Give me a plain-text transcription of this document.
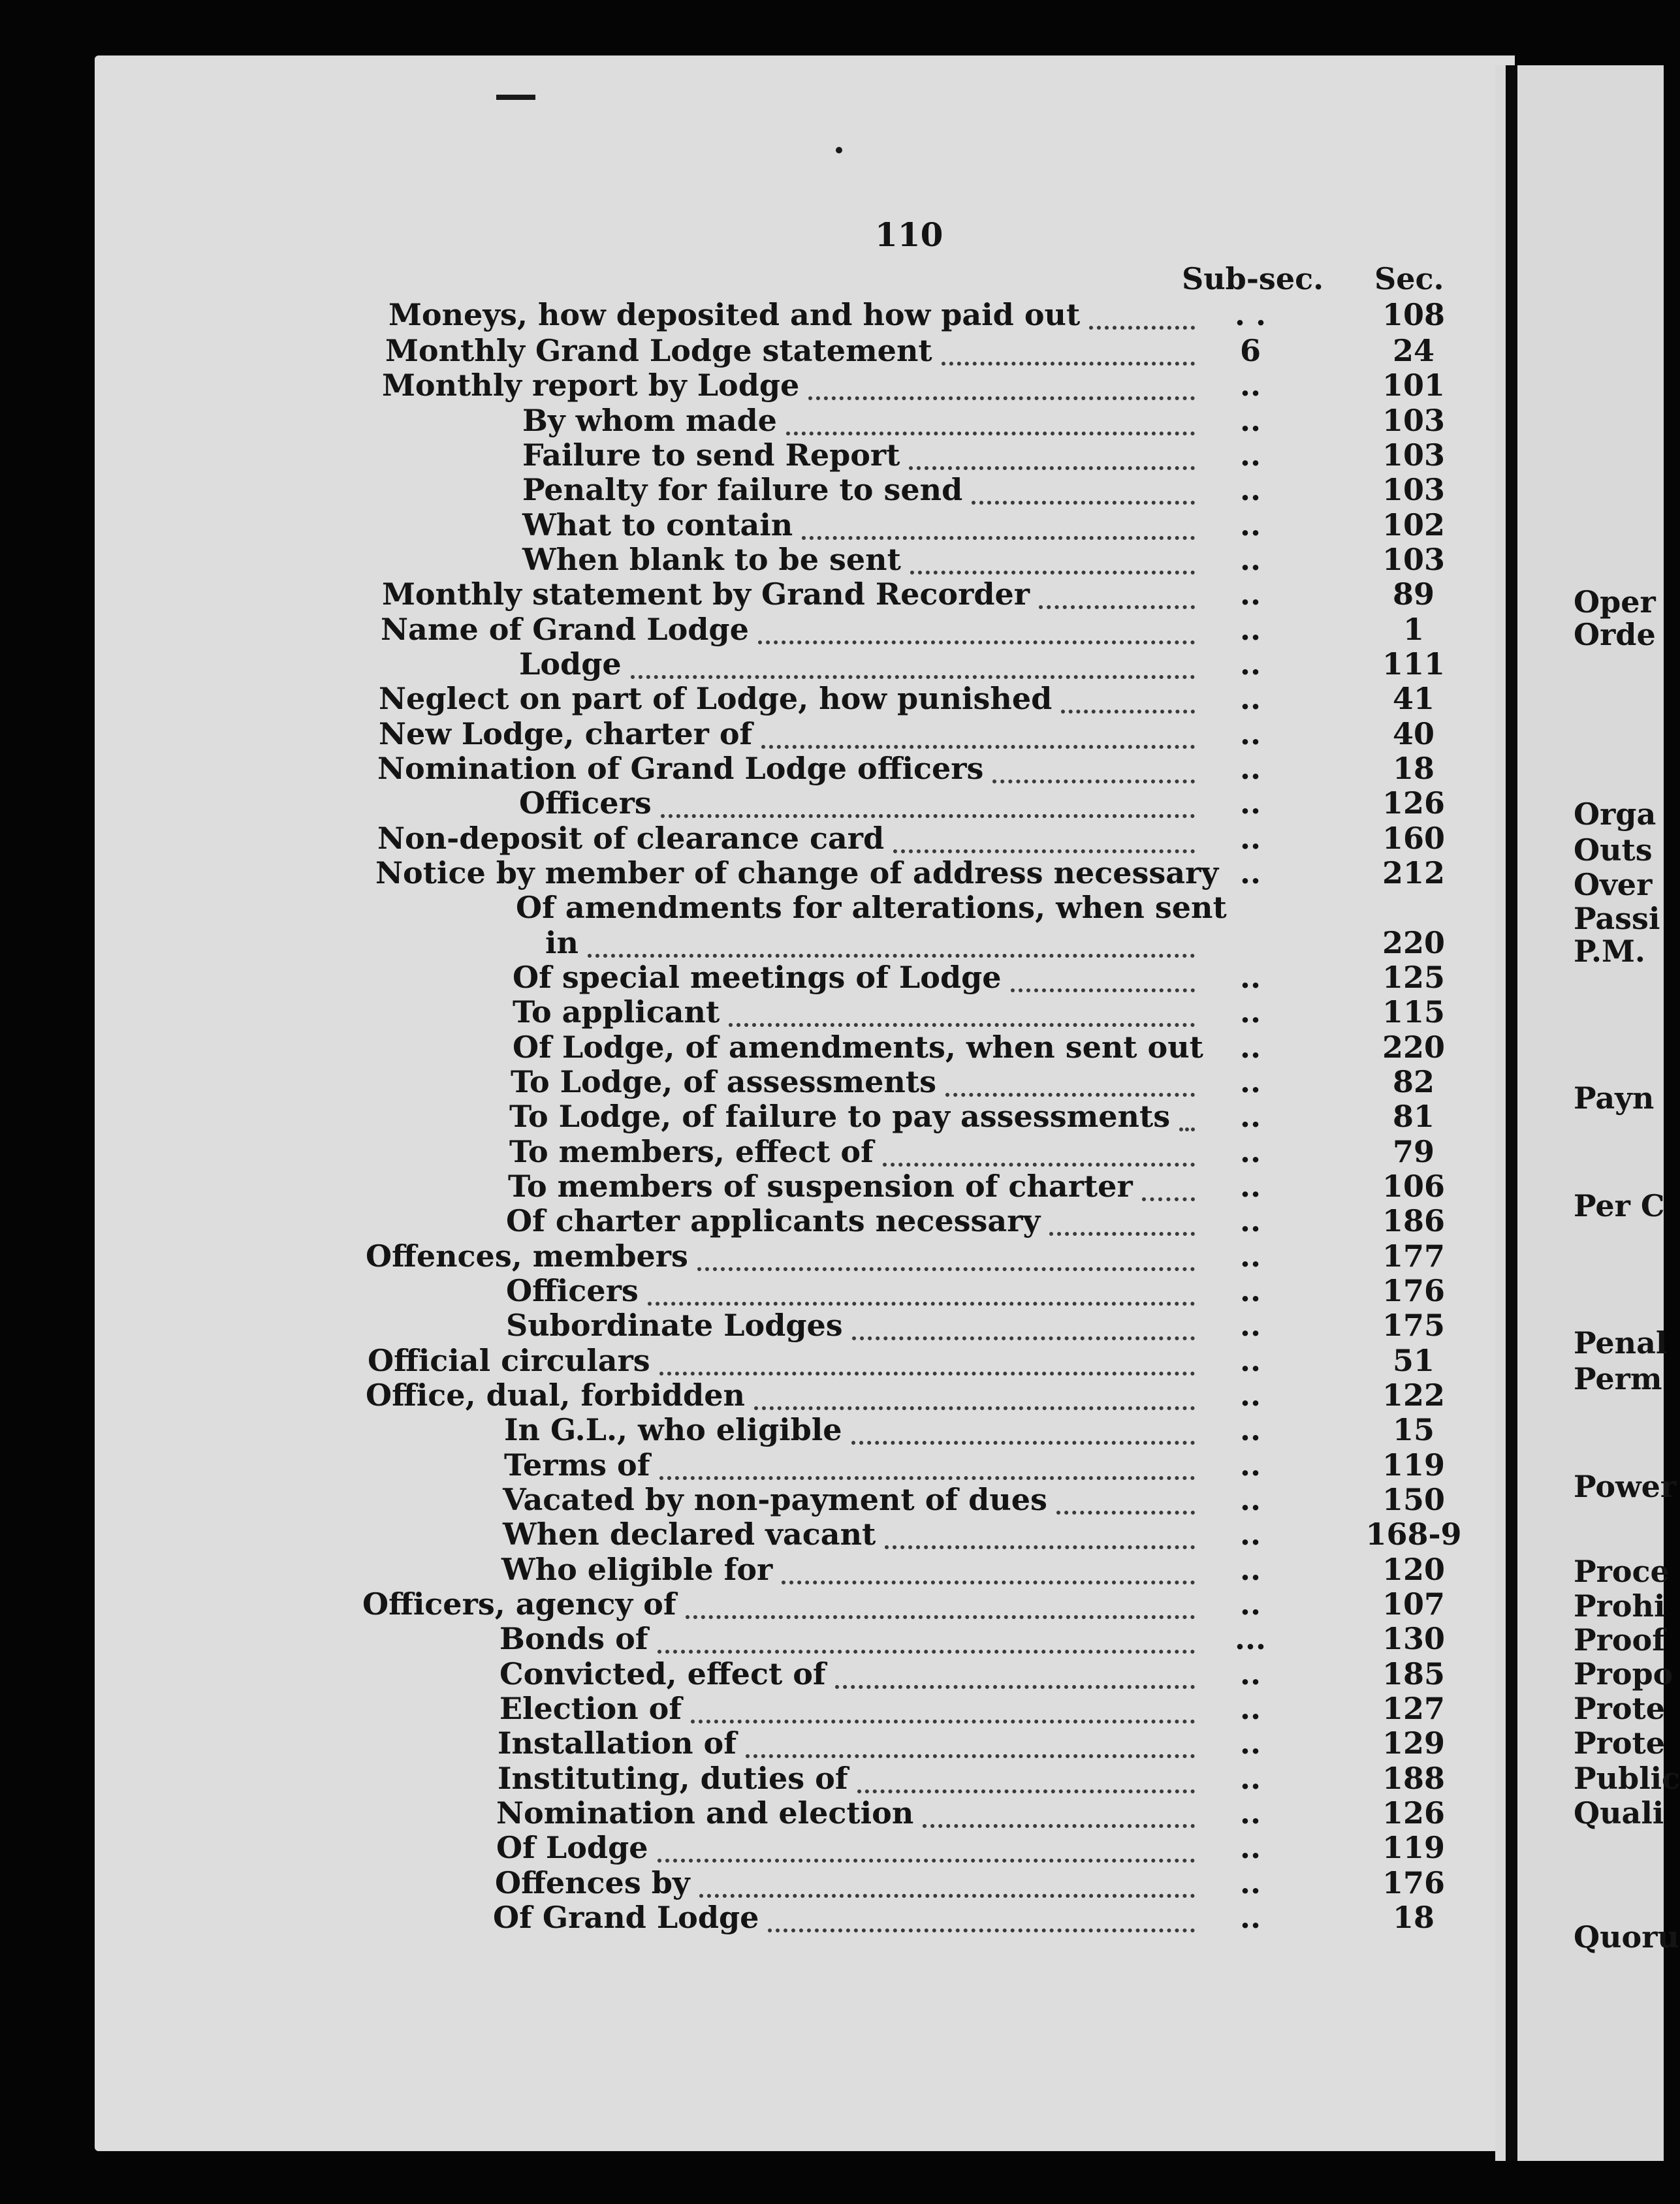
110
Sub-sec. Sec.
Moneys, how deposited and how paid out	. .	108
Monthly Grand Lodge statement	6	24
Monthly report by Lodge	..	101
By whom made	..	103
Failure to send Report	..	103
Penalty for failure to send	..	103
What to contain	..	102
When blank to be sent	..	103
Monthly statement by Grand Recorder	..	89
Name of Grand Lodge	..	1
Lodge	..	111
Neglect on part of Lodge, how punished	..	41
New Lodge, charter of	..	40
Nomination of Grand Lodge officers	..	18
Officers	..	126
Non-deposit of clearance card	..	160
Notice by member of change of address necessary ..	212
Of amendments for alterations, when sent
in	220
Of special meetings of Lodge	..	125
To applicant	..	115
Of Lodge, of amendments, when sent out	..	220
To Lodge, of assessments	..	82
To Lodge, of failure to pay assessments	..	81
To members, effect of	..	79
To members of suspension of charter	..	106
Of charter applicants necessary	..	186
Offences, members	..	177
Officers	..	176
Subordinate Lodges	..	175
Official circulars	..	51
Office, dual, forbidden	..	122
In G.L., who eligible	..	15
Terms of	..	119
Vacated by non-payment of dues	..	150
When declared vacant	..	168-9
Who eligible for	..	120
Officers, agency of	..	107
Bonds of	...	130
Convicted, effect of	..	185
Election of	..	127
Installation of	..	129
Instituting, duties of	..	188
Nomination and election	..	126
Of Lodge	..	119
Offences by	..	176
Of Grand Lodge	..	18
Oper
Orde
Orga
Outs
Over
Passi
P.M.
Payn
Per C
Penal
Perm
Power
Proce
Prohi
Proof
Propo
Prote
Prote
Public
Quali
Quoru
